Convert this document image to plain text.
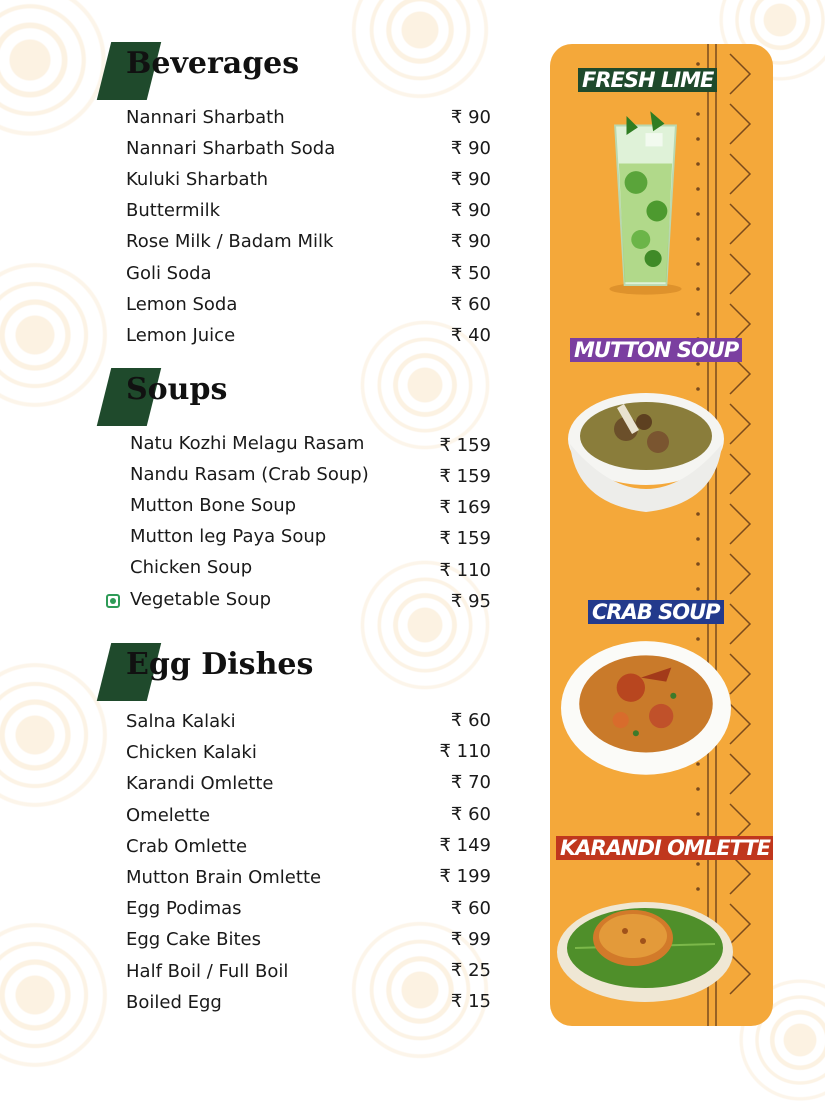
Beverages
Nannari Sharbath	₹ 90
Nannari Sharbath Soda	₹ 90
Kuluki Sharbath	₹ 90
Buttermilk	₹ 90
Rose Milk / Badam Milk	₹ 90
Goli Soda	₹ 50
Lemon Soda	₹ 60
Lemon Juice	₹ 40
Soups
Natu Kozhi Melagu Rasam	₹ 159
Nandu Rasam (Crab Soup)	₹ 159
Mutton Bone Soup	₹ 169
Mutton leg Paya Soup	₹ 159
Chicken Soup	₹ 110
Vegetable Soup	₹ 95
Egg Dishes
Salna Kalaki	₹ 60
Chicken Kalaki	₹ 110
Karandi Omlette	₹ 70
Omelette	₹ 60
Crab Omlette	₹ 149
Mutton Brain Omlette	₹ 199
Egg Podimas	₹ 60
Egg Cake Bites	₹ 99
Half Boil / Full Boil	₹ 25
Boiled Egg	₹ 15
FRESH LIME
MUTTON SOUP
CRAB SOUP
KARANDI OMLETTE
